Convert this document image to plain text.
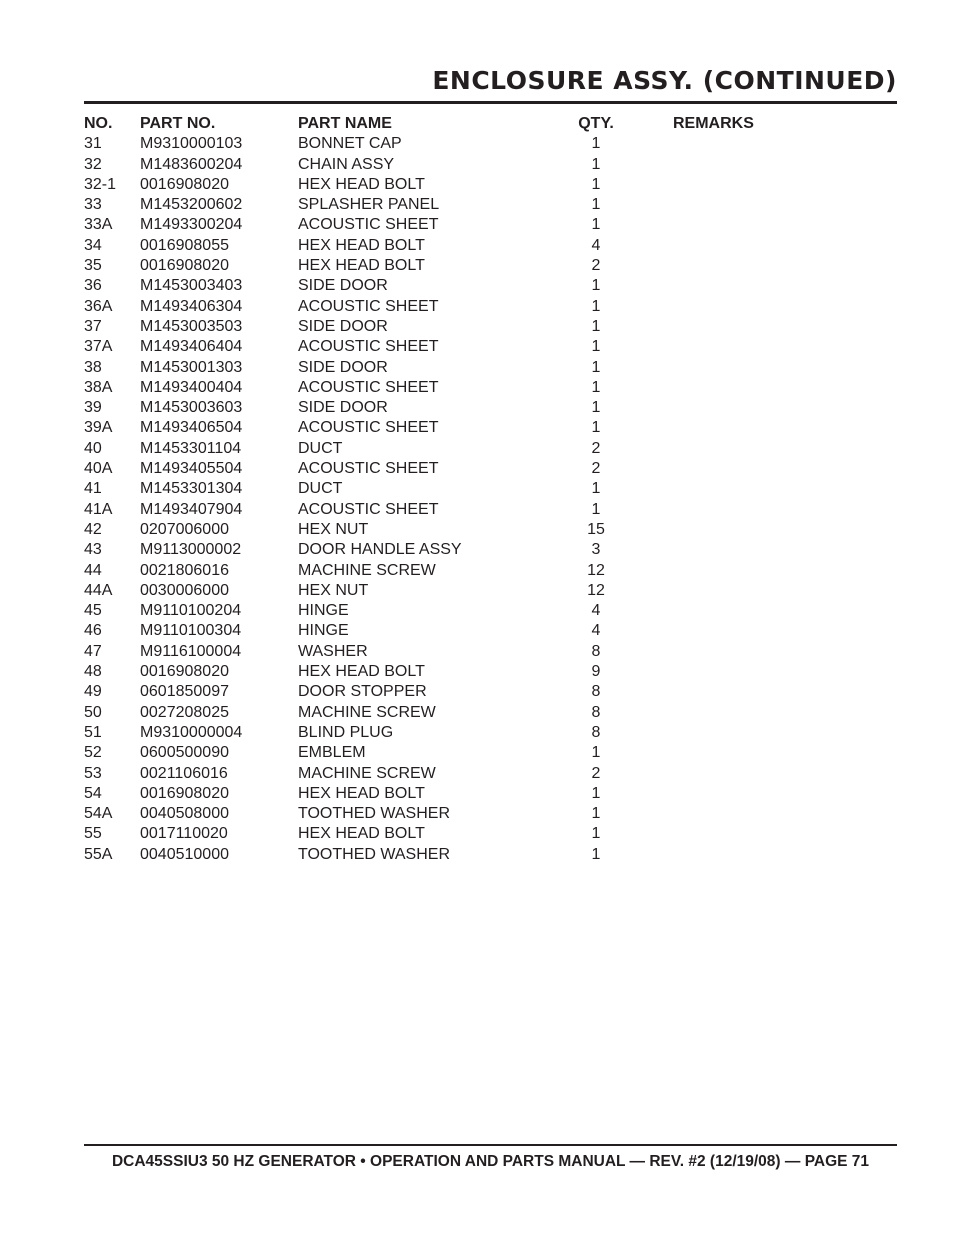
ENCLOSURE ASSY. (CONTINUED)
NO. PART NO.	PART NAME	QTY.	REMARKS
31 M9310000103	BONNET CAP	1
32 M1483600204	CHAIN ASSY	1
32-1 0016908020	HEX HEAD BOLT	1
33 M1453200602	SPLASHER PANEL	1
33A M1493300204	ACOUSTIC SHEET	1
34 0016908055	HEX HEAD BOLT	4
35 0016908020	HEX HEAD BOLT	2
36 M1453003403	SIDE DOOR	1
36A M1493406304	ACOUSTIC SHEET	1
37 M1453003503	SIDE DOOR	1
37A M1493406404	ACOUSTIC SHEET	1
38 M1453001303	SIDE DOOR	1
38A M1493400404	ACOUSTIC SHEET	1
39 M1453003603	SIDE DOOR	1
39A M1493406504	ACOUSTIC SHEET	1
40 M1453301104	DUCT	2
40A M1493405504	ACOUSTIC SHEET	2
41 M1453301304	DUCT	1
41A M1493407904	ACOUSTIC SHEET	1
42 0207006000	HEX NUT	15
43 M9113000002	DOOR HANDLE ASSY	3
44 0021806016	MACHINE SCREW	12
44A 0030006000	HEX NUT	12
45 M9110100204	HINGE	4
46 M9110100304	HINGE	4
47 M9116100004	WASHER	8
48 0016908020	HEX HEAD BOLT	9
49 0601850097	DOOR STOPPER	8
50 0027208025	MACHINE SCREW	8
51 M9310000004	BLIND PLUG	8
52 0600500090	EMBLEM	1
53 0021106016	MACHINE SCREW	2
54 0016908020	HEX HEAD BOLT	1
54A 0040508000	TOOTHED WASHER	1
55 0017110020	HEX HEAD BOLT	1
55A 0040510000	TOOTHED WASHER	1
DCA45SSIU3 50 HZ GENERATOR • OPERATION AND PARTS MANUAL — REV. #2 (12/19/08) — PAGE 71
